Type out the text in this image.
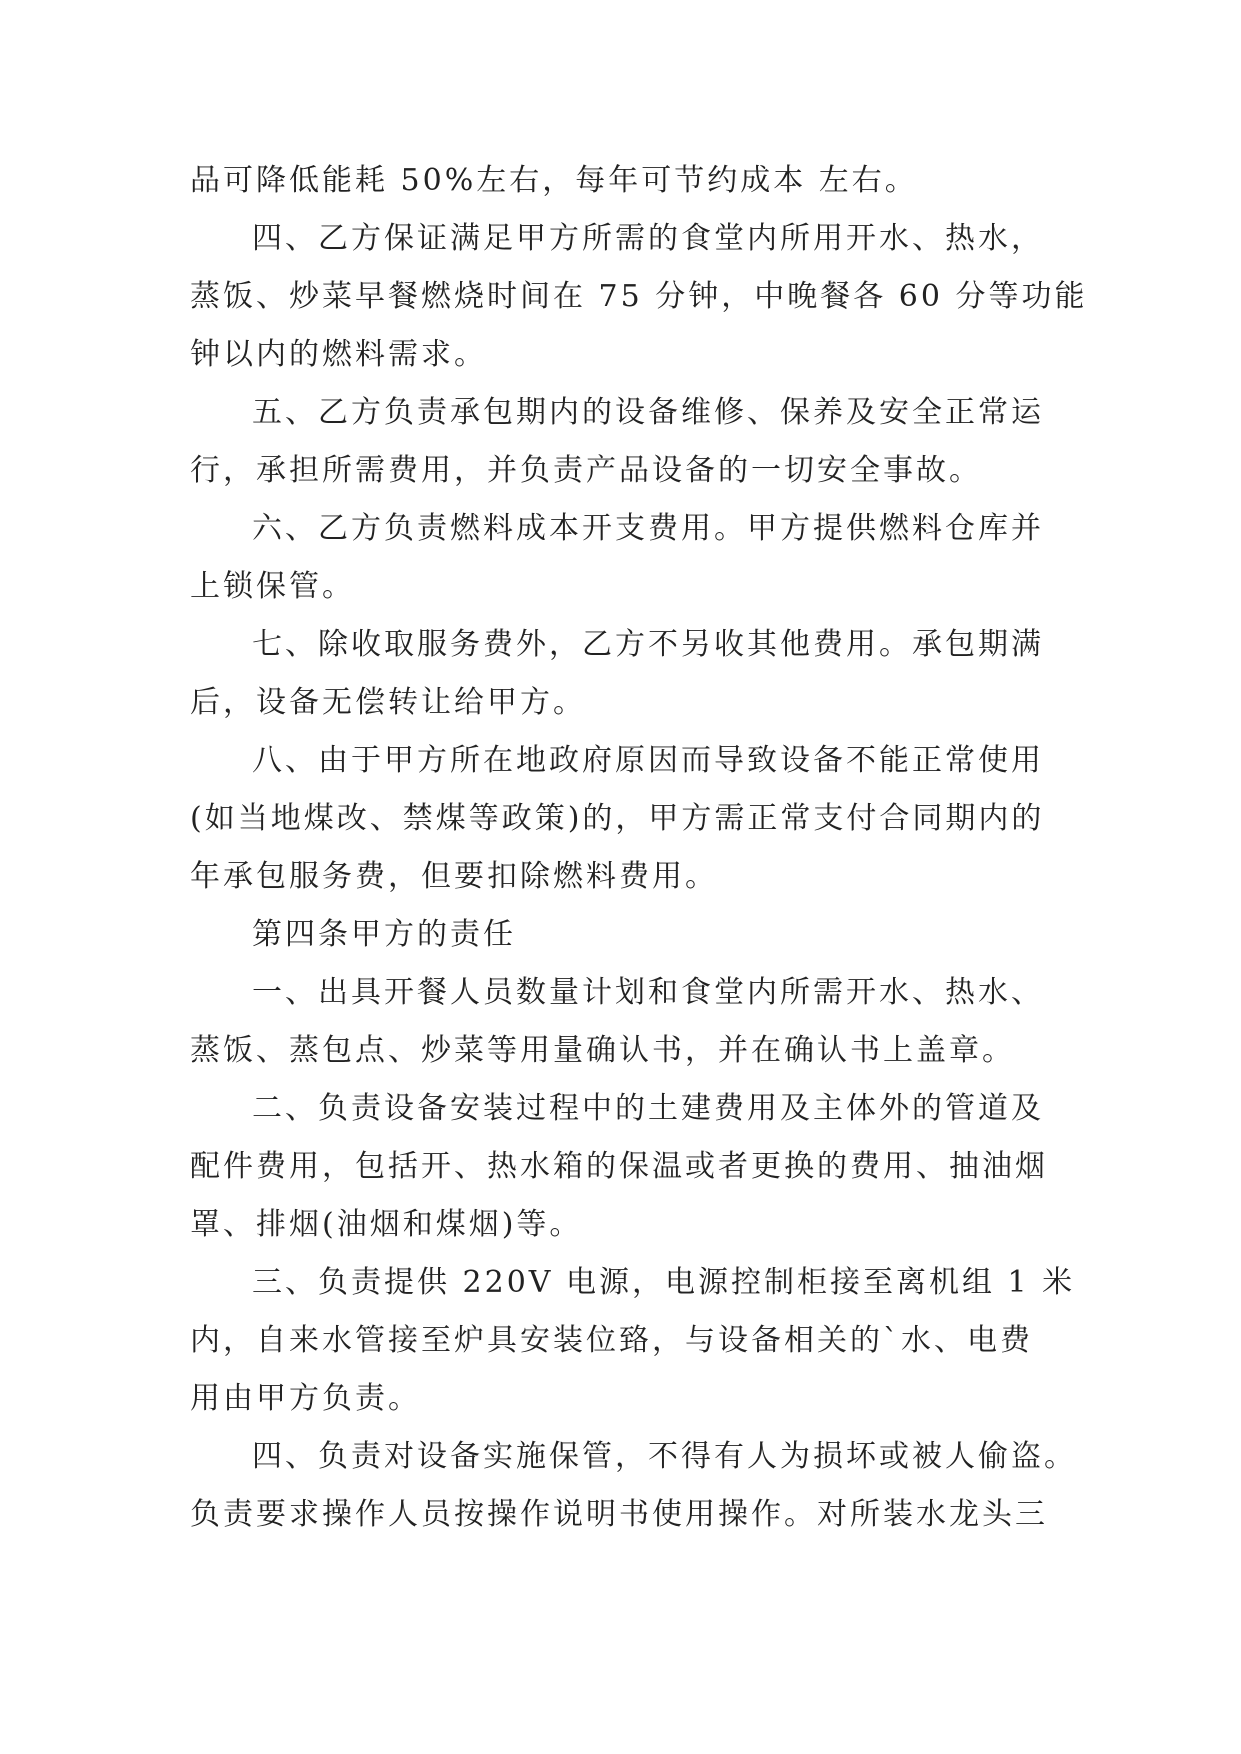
品可降低能耗 50%左右，每年可节约成本 左右。
四、乙方保证满足甲方所需的食堂内所用开水、热水，
蒸饭、炒菜早餐燃烧时间在 75 分钟，中晚餐各 60 分等功能
钟以内的燃料需求。
五、乙方负责承包期内的设备维修、保养及安全正常运
行，承担所需费用，并负责产品设备的一切安全事故。
六、乙方负责燃料成本开支费用。甲方提供燃料仓库并
上锁保管。
七、除收取服务费外，乙方不另收其他费用。承包期满
后，设备无偿转让给甲方。
八、由于甲方所在地政府原因而导致设备不能正常使用
(如当地煤改、禁煤等政策)的，甲方需正常支付合同期内的
年承包服务费，但要扣除燃料费用。
第四条甲方的责任
一、出具开餐人员数量计划和食堂内所需开水、热水、
蒸饭、蒸包点、炒菜等用量确认书，并在确认书上盖章。
二、负责设备安装过程中的土建费用及主体外的管道及
配件费用，包括开、热水箱的保温或者更换的费用、抽油烟
罩、排烟(油烟和煤烟)等。
三、负责提供 220V 电源，电源控制柜接至离机组 1 米
内，自来水管接至炉具安装位臵，与设备相关的`水、电费
用由甲方负责。
四、负责对设备实施保管，不得有人为损坏或被人偷盗。
负责要求操作人员按操作说明书使用操作。对所装水龙头三
